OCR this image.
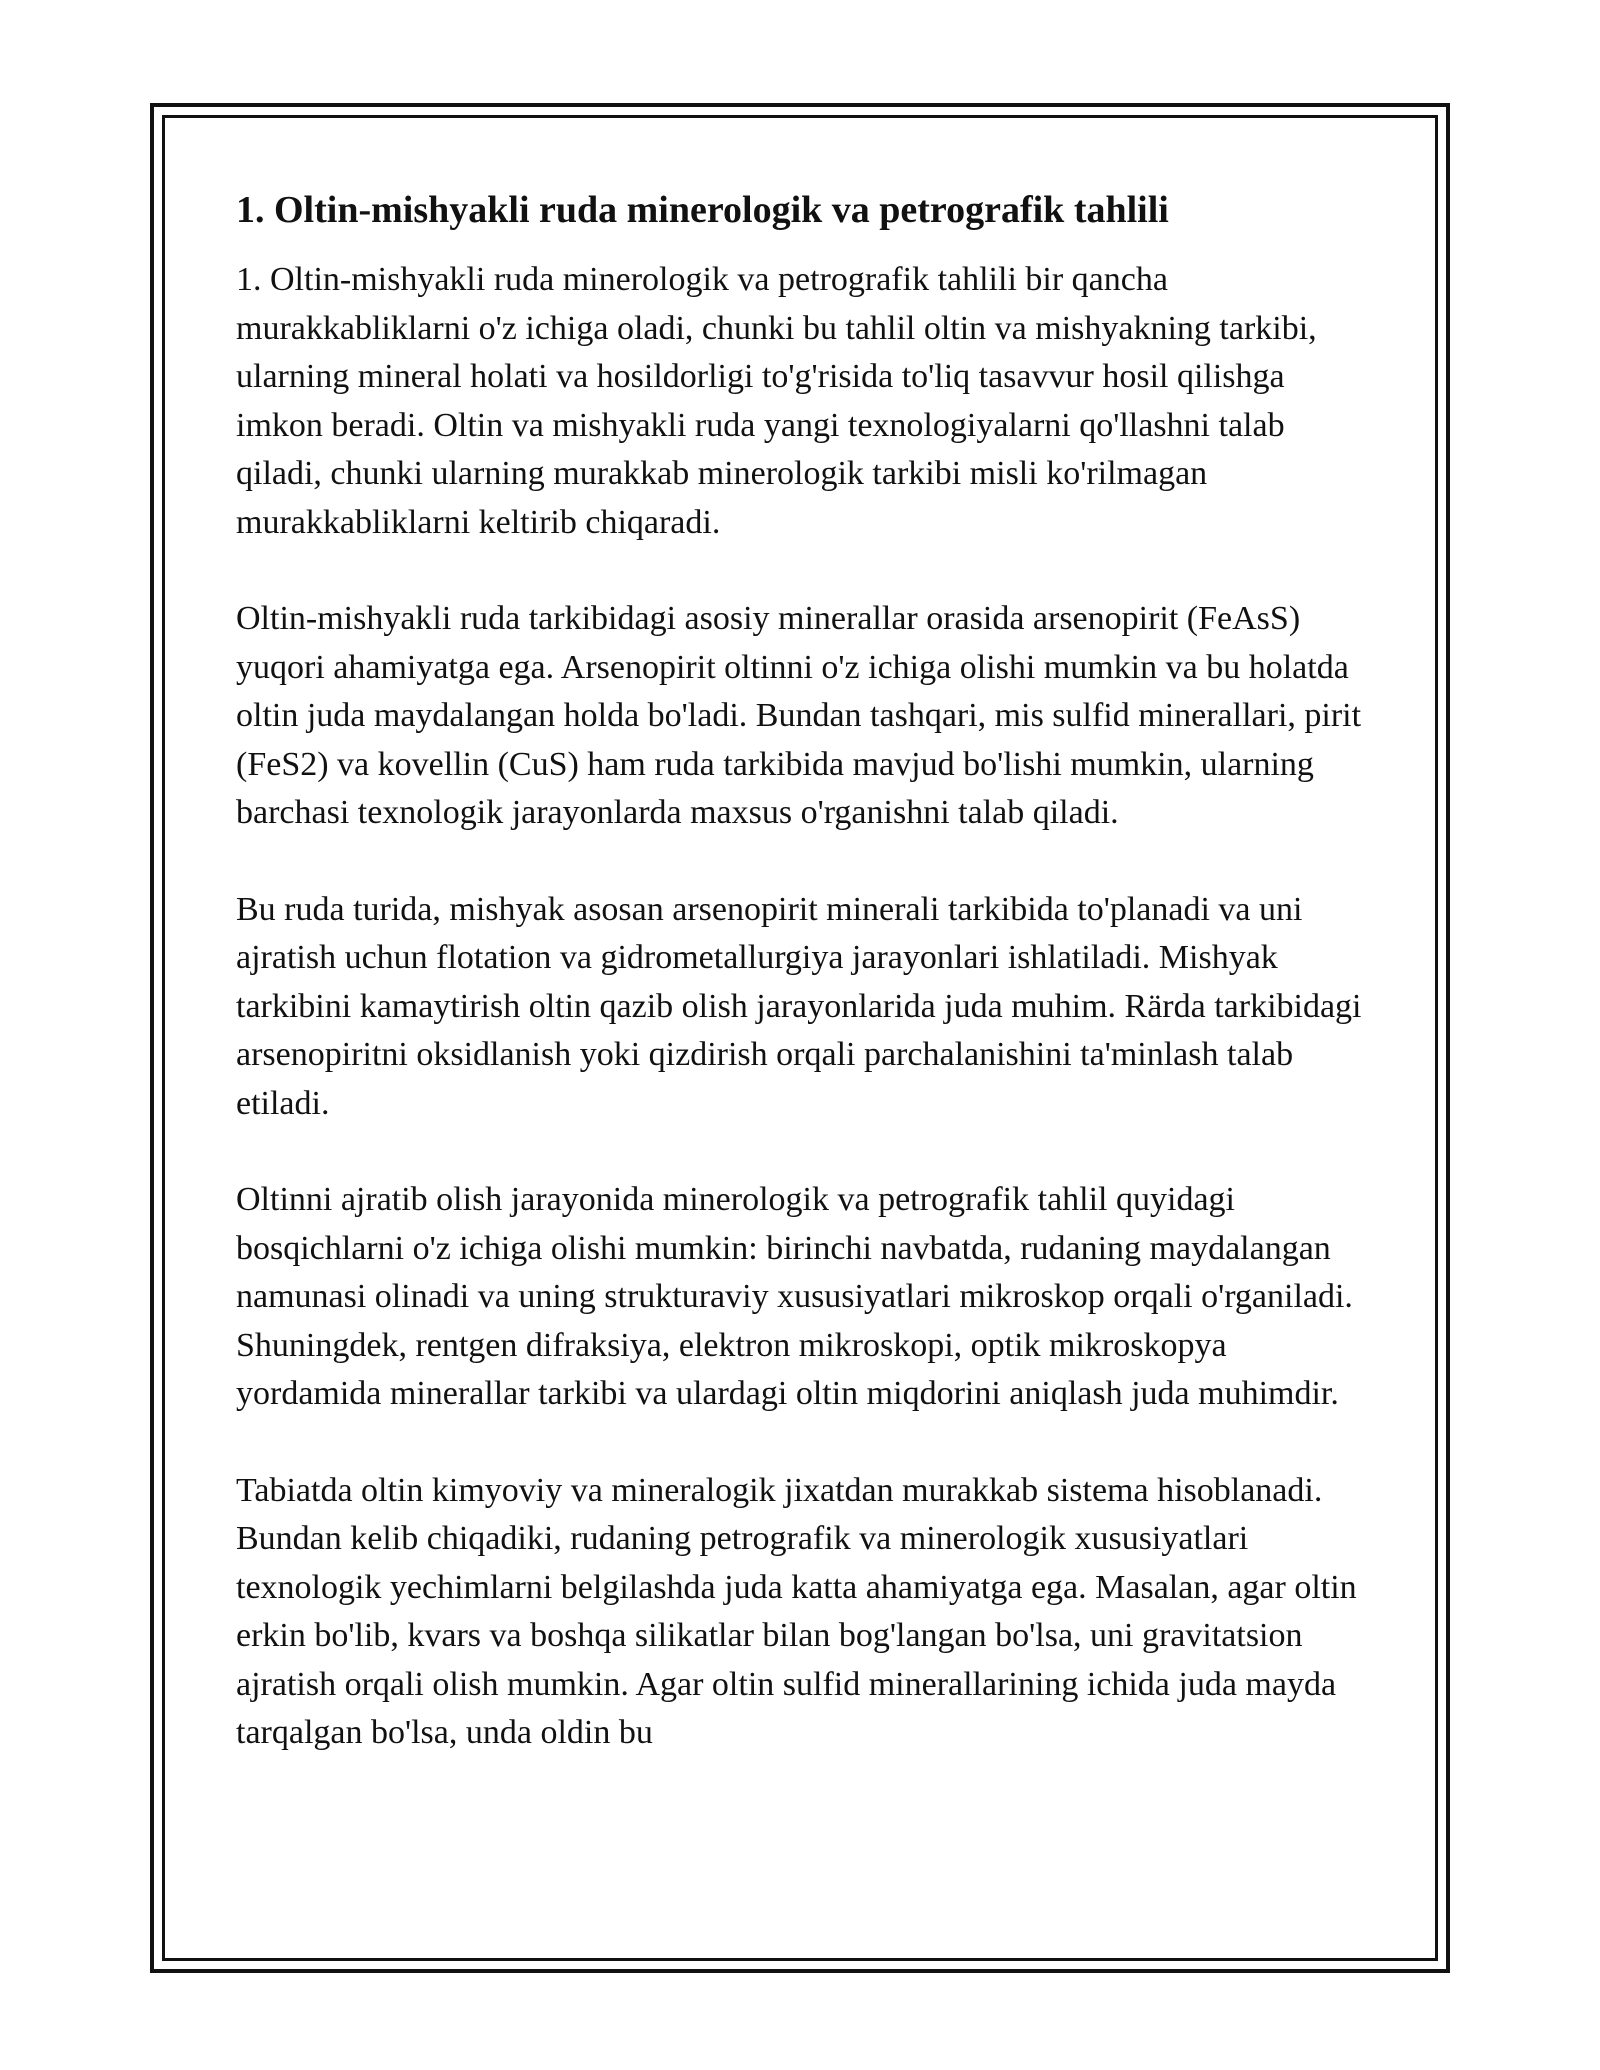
1. Oltin-mishyakli ruda minerologik va petrografik tahlili

1. Oltin-mishyakli ruda minerologik va petrografik tahlili bir qancha murakkabliklarni o'z ichiga oladi, chunki bu tahlil oltin va mishyakning tarkibi, ularning mineral holati va hosildorligi to'g'risida to'liq tasavvur hosil qilishga imkon beradi. Oltin va mishyakli ruda yangi texnologiyalarni qo'llashni talab qiladi, chunki ularning murakkab minerologik tarkibi misli ko'rilmagan murakkabliklarni keltirib chiqaradi.

Oltin-mishyakli ruda tarkibidagi asosiy minerallar orasida arsenopirit (FeAsS) yuqori ahamiyatga ega. Arsenopirit oltinni o'z ichiga olishi mumkin va bu holatda oltin juda maydalangan holda bo'ladi. Bundan tashqari, mis sulfid minerallari, pirit (FeS2) va kovellin (CuS) ham ruda tarkibida mavjud bo'lishi mumkin, ularning barchasi texnologik jarayonlarda maxsus o'rganishni talab qiladi.

Bu ruda turida, mishyak asosan arsenopirit minerali tarkibida to'planadi va uni ajratish uchun flotation va gidrometallurgiya jarayonlari ishlatiladi. Mishyak tarkibini kamaytirish oltin qazib olish jarayonlarida juda muhim. Rärda tarkibidagi arsenopiritni oksidlanish yoki qizdirish orqali parchalanishini ta'minlash talab etiladi.

Oltinni ajratib olish jarayonida minerologik va petrografik tahlil quyidagi bosqichlarni o'z ichiga olishi mumkin: birinchi navbatda, rudaning maydalangan namunasi olinadi va uning strukturaviy xususiyatlari mikroskop orqali o'rganiladi. Shuningdek, rentgen difraksiya, elektron mikroskopi, optik mikroskopya yordamida minerallar tarkibi va ulardagi oltin miqdorini aniqlash juda muhimdir.

Tabiatda oltin kimyoviy va mineralogik jixatdan murakkab sistema hisoblanadi. Bundan kelib chiqadiki, rudaning petrografik va minerologik xususiyatlari texnologik yechimlarni belgilashda juda katta ahamiyatga ega. Masalan, agar oltin erkin bo'lib, kvars va boshqa silikatlar bilan bog'langan bo'lsa, uni gravitatsion ajratish orqali olish mumkin. Agar oltin sulfid minerallarining ichida juda mayda tarqalgan bo'lsa, unda oldin bu
